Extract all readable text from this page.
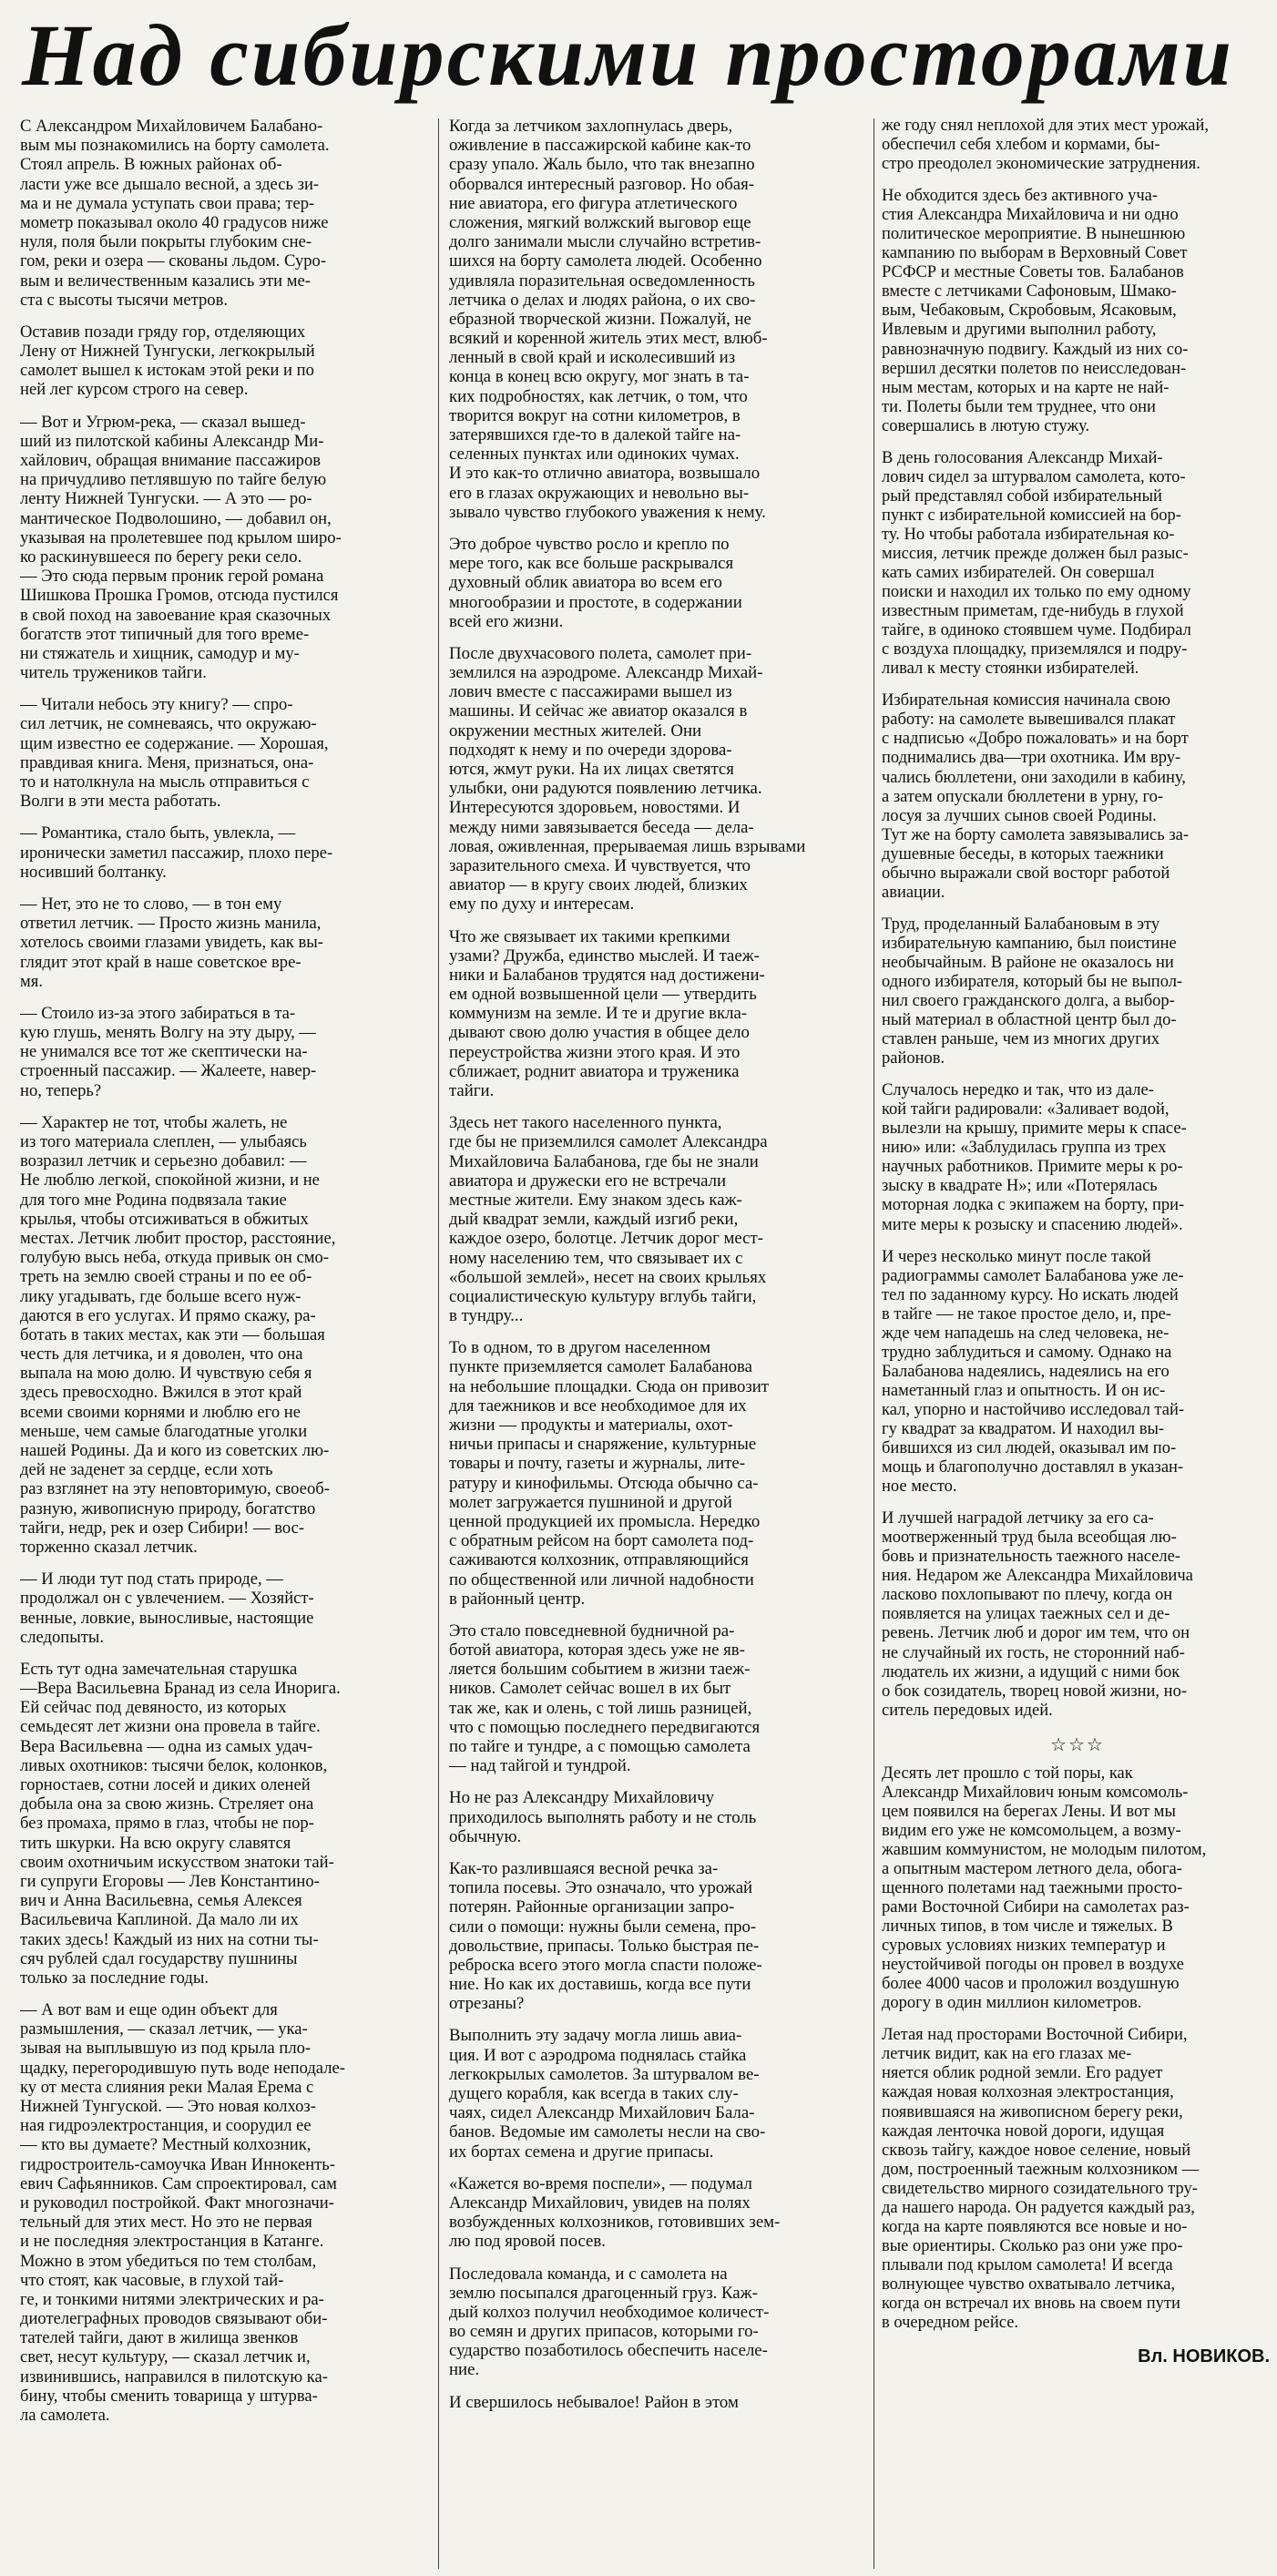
Над сибирскими просторами
С Александром Михайловичем Балабано-
вым мы познакомились на борту самолета.
Стоял апрель. В южных районах об-
ласти уже все дышало весной, а здесь зи-
ма и не думала уступать свои права; тер-
мометр показывал около 40 градусов ниже
нуля, поля были покрыты глубоким сне-
гом, реки и озера — скованы льдом. Суро-
вым и величественным казались эти ме-
ста с высоты тысячи метров.
Оставив позади гряду гор, отделяющих
Лену от Нижней Тунгуски, легкокрылый
самолет вышел к истокам этой реки и по
ней лег курсом строго на север.
— Вот и Угрюм-река, — сказал вышед-
ший из пилотской кабины Александр Ми-
хайлович, обращая внимание пассажиров
на причудливо петлявшую по тайге белую
ленту Нижней Тунгуски. — А это — ро-
мантическое Подволошино, — добавил он,
указывая на пролетевшее под крылом широ-
ко раскинувшееся по берегу реки село.
— Это сюда первым проник герой романа
Шишкова Прошка Громов, отсюда пустился
в свой поход на завоевание края сказочных
богатств этот типичный для того време-
ни стяжатель и хищник, самодур и му-
читель тружеников тайги.
— Читали небось эту книгу? — спро-
сил летчик, не сомневаясь, что окружаю-
щим известно ее содержание. — Хорошая,
правдивая книга. Меня, признаться, она-
то и натолкнула на мысль отправиться с
Волги в эти места работать.
— Романтика, стало быть, увлекла, —
иронически заметил пассажир, плохо пере-
носивший болтанку.
— Нет, это не то слово, — в тон ему
ответил летчик. — Просто жизнь манила,
хотелось своими глазами увидеть, как вы-
глядит этот край в наше советское вре-
мя.
— Стоило из-за этого забираться в та-
кую глушь, менять Волгу на эту дыру, —
не унимался все тот же скептически на-
строенный пассажир. — Жалеете, навер-
но, теперь?
— Характер не тот, чтобы жалеть, не
из того материала слеплен, — улыбаясь
возразил летчик и серьезно добавил: —
Не люблю легкой, спокойной жизни, и не
для того мне Родина подвязала такие
крылья, чтобы отсиживаться в обжитых
местах. Летчик любит простор, расстояние,
голубую высь неба, откуда привык он смо-
треть на землю своей страны и по ее об-
лику угадывать, где больше всего нуж-
даются в его услугах. И прямо скажу, ра-
ботать в таких местах, как эти — большая
честь для летчика, и я доволен, что она
выпала на мою долю. И чувствую себя я
здесь превосходно. Вжился в этот край
всеми своими корнями и люблю его не
меньше, чем самые благодатные уголки
нашей Родины. Да и кого из советских лю-
дей не заденет за сердце, если хоть
раз взглянет на эту неповторимую, своеоб-
разную, живописную природу, богатство
тайги, недр, рек и озер Сибири! — вос-
торженно сказал летчик.
— И люди тут под стать природе, —
продолжал он с увлечением. — Хозяйст-
венные, ловкие, выносливые, настоящие
следопыты.
Есть тут одна замечательная старушка
—Вера Васильевна Бранад из села Инорига.
Ей сейчас под девяносто, из которых
семьдесят лет жизни она провела в тайге.
Вера Васильевна — одна из самых удач-
ливых охотников: тысячи белок, колонков,
горностаев, сотни лосей и диких оленей
добыла она за свою жизнь. Стреляет она
без промаха, прямо в глаз, чтобы не пор-
тить шкурки. На всю округу славятся
своим охотничьим искусством знатоки тай-
ги супруги Егоровы — Лев Константино-
вич и Анна Васильевна, семья Алексея
Васильевича Каплиной. Да мало ли их
таких здесь! Каждый из них на сотни ты-
сяч рублей сдал государству пушнины
только за последние годы.
— А вот вам и еще один объект для
размышления, — сказал летчик, — ука-
зывая на выплывшую из под крыла пло-
щадку, перегородившую путь воде неподале-
ку от места слияния реки Малая Ерема с
Нижней Тунгуской. — Это новая колхоз-
ная гидроэлектростанция, и соорудил ее
— кто вы думаете? Местный колхозник,
гидростроитель-самоучка Иван Иннокенть-
евич Сафьянников. Сам спроектировал, сам
и руководил постройкой. Факт многозначи-
тельный для этих мест. Но это не первая
и не последняя электростанция в Катанге.
Можно в этом убедиться по тем столбам,
что стоят, как часовые, в глухой тай-
ге, и тонкими нитями электрических и ра-
диотелеграфных проводов связывают оби-
тателей тайги, дают в жилища звенков
свет, несут культуру, — сказал летчик и,
извинившись, направился в пилотскую ка-
бину, чтобы сменить товарища у штурва-
ла самолета.
Когда за летчиком захлопнулась дверь,
оживление в пассажирской кабине как-то
сразу упало. Жаль было, что так внезапно
оборвался интересный разговор. Но обая-
ние авиатора, его фигура атлетического
сложения, мягкий волжский выговор еще
долго занимали мысли случайно встретив-
шихся на борту самолета людей. Особенно
удивляла поразительная осведомленность
летчика о делах и людях района, о их сво-
ебразной творческой жизни. Пожалуй, не
всякий и коренной житель этих мест, влюб-
ленный в свой край и исколесивший из
конца в конец всю округу, мог знать в та-
ких подробностях, как летчик, о том, что
творится вокруг на сотни километров, в
затерявшихся где-то в далекой тайге на-
селенных пунктах или одиноких чумах.
И это как-то отлично авиатора, возвышало
его в глазах окружающих и невольно вы-
зывало чувство глубокого уважения к нему.
Это доброе чувство росло и крепло по
мере того, как все больше раскрывался
духовный облик авиатора во всем его
многообразии и простоте, в содержании
всей его жизни.
После двухчасового полета, самолет при-
землился на аэродроме. Александр Михай-
лович вместе с пассажирами вышел из
машины. И сейчас же авиатор оказался в
окружении местных жителей. Они
подходят к нему и по очереди здорова-
ются, жмут руки. На их лицах светятся
улыбки, они радуются появлению летчика.
Интересуются здоровьем, новостями. И
между ними завязывается беседа — дела-
ловая, оживленная, прерываемая лишь взрывами
заразительного смеха. И чувствуется, что
авиатор — в кругу своих людей, близких
ему по духу и интересам.
Что же связывает их такими крепкими
узами? Дружба, единство мыслей. И таеж-
ники и Балабанов трудятся над достижени-
ем одной возвышенной цели — утвердить
коммунизм на земле. И те и другие вкла-
дывают свою долю участия в общее дело
переустройства жизни этого края. И это
сближает, роднит авиатора и труженика
тайги.
Здесь нет такого населенного пункта,
где бы не приземлился самолет Александра
Михайловича Балабанова, где бы не знали
авиатора и дружески его не встречали
местные жители. Ему знаком здесь каж-
дый квадрат земли, каждый изгиб реки,
каждое озеро, болотце. Летчик дорог мест-
ному населению тем, что связывает их с
«большой землей», несет на своих крыльях
социалистическую культуру вглубь тайги,
в тундру...
То в одном, то в другом населенном
пункте приземляется самолет Балабанова
на небольшие площадки. Сюда он привозит
для таежников и все необходимое для их
жизни — продукты и материалы, охот-
ничьи припасы и снаряжение, культурные
товары и почту, газеты и журналы, лите-
ратуру и кинофильмы. Отсюда обычно са-
молет загружается пушниной и другой
ценной продукцией их промысла. Нередко
с обратным рейсом на борт самолета под-
саживаются колхозник, отправляющийся
по общественной или личной надобности
в районный центр.
Это стало повседневной будничной ра-
ботой авиатора, которая здесь уже не яв-
ляется большим событием в жизни таеж-
ников. Самолет сейчас вошел в их быт
так же, как и олень, с той лишь разницей,
что с помощью последнего передвигаются
по тайге и тундре, а с помощью самолета
— над тайгой и тундрой.
Но не раз Александру Михайловичу
приходилось выполнять работу и не столь
обычную.
Как-то разлившаяся весной речка за-
топила посевы. Это означало, что урожай
потерян. Районные организации запро-
сили о помощи: нужны были семена, про-
довольствие, припасы. Только быстрая пе-
реброска всего этого могла спасти положе-
ние. Но как их доставишь, когда все пути
отрезаны?
Выполнить эту задачу могла лишь авиа-
ция. И вот с аэродрома поднялась стайка
легкокрылых самолетов. За штурвалом ве-
дущего корабля, как всегда в таких слу-
чаях, сидел Александр Михайлович Бала-
банов. Ведомые им самолеты несли на сво-
их бортах семена и другие припасы.
«Кажется во-время поспели», — подумал
Александр Михайлович, увидев на полях
возбужденных колхозников, готовивших зем-
лю под яровой посев.
Последовала команда, и с самолета на
землю посыпался драгоценный груз. Каж-
дый колхоз получил необходимое количест-
во семян и других припасов, которыми го-
сударство позаботилось обеспечить населе-
ние.
И свершилось небывалое! Район в этом
же году снял неплохой для этих мест урожай,
обеспечил себя хлебом и кормами, бы-
стро преодолел экономические затруднения.
Не обходится здесь без активного уча-
стия Александра Михайловича и ни одно
политическое мероприятие. В нынешнюю
кампанию по выборам в Верховный Совет
РСФСР и местные Советы тов. Балабанов
вместе с летчиками Сафоновым, Шмако-
вым, Чебаковым, Скробовым, Ясаковым,
Ивлевым и другими выполнил работу,
равнозначную подвигу. Каждый из них со-
вершил десятки полетов по неисследован-
ным местам, которых и на карте не най-
ти. Полеты были тем труднее, что они
совершались в лютую стужу.
В день голосования Александр Михай-
лович сидел за штурвалом самолета, кото-
рый представлял собой избирательный
пункт с избирательной комиссией на бор-
ту. Но чтобы работала избирательная ко-
миссия, летчик прежде должен был разыс-
кать самих избирателей. Он совершал
поиски и находил их только по ему одному
известным приметам, где-нибудь в глухой
тайге, в одиноко стоявшем чуме. Подбирал
с воздуха площадку, приземлялся и подру-
ливал к месту стоянки избирателей.
Избирательная комиссия начинала свою
работу: на самолете вывешивался плакат
с надписью «Добро пожаловать» и на борт
поднимались два—три охотника. Им вру-
чались бюллетени, они заходили в кабину,
а затем опускали бюллетени в урну, го-
лосуя за лучших сынов своей Родины.
Тут же на борту самолета завязывались за-
душевные беседы, в которых таежники
обычно выражали свой восторг работой
авиации.
Труд, проделанный Балабановым в эту
избирательную кампанию, был поистине
необычайным. В районе не оказалось ни
одного избирателя, который бы не выпол-
нил своего гражданского долга, а выбор-
ный материал в областной центр был до-
ставлен раньше, чем из многих других
районов.
Случалось нередко и так, что из дале-
кой тайги радировали: «Заливает водой,
вылезли на крышу, примите меры к спасе-
нию» или: «Заблудилась группа из трех
научных работников. Примите меры к ро-
зыску в квадрате Н»; или «Потерялась
моторная лодка с экипажем на борту, при-
мите меры к розыску и спасению людей».
И через несколько минут после такой
радиограммы самолет Балабанова уже ле-
тел по заданному курсу. Но искать людей
в тайге — не такое простое дело, и, пре-
жде чем нападешь на след человека, не-
трудно заблудиться и самому. Однако на
Балабанова надеялись, надеялись на его
наметанный глаз и опытность. И он ис-
кал, упорно и настойчиво исследовал тай-
гу квадрат за квадратом. И находил вы-
бившихся из сил людей, оказывал им по-
мощь и благополучно доставлял в указан-
ное место.
И лучшей наградой летчику за его са-
моотверженный труд была всеобщая лю-
бовь и признательность таежного населе-
ния. Недаром же Александра Михайловича
ласково похлопывают по плечу, когда он
появляется на улицах таежных сел и де-
ревень. Летчик люб и дорог им тем, что он
не случайный их гость, не сторонний наб-
людатель их жизни, а идущий с ними бок
о бок созидатель, творец новой жизни, но-
ситель передовых идей.
☆☆☆
Десять лет прошло с той поры, как
Александр Михайлович юным комсомоль-
цем появился на берегах Лены. И вот мы
видим его уже не комсомольцем, а возму-
жавшим коммунистом, не молодым пилотом,
а опытным мастером летного дела, обога-
щенного полетами над таежными просто-
рами Восточной Сибири на самолетах раз-
личных типов, в том числе и тяжелых. В
суровых условиях низких температур и
неустойчивой погоды он провел в воздухе
более 4000 часов и проложил воздушную
дорогу в один миллион километров.
Летая над просторами Восточной Сибири,
летчик видит, как на его глазах ме-
няется облик родной земли. Его радует
каждая новая колхозная электростанция,
появившаяся на живописном берегу реки,
каждая ленточка новой дороги, идущая
сквозь тайгу, каждое новое селение, новый
дом, построенный таежным колхозником —
свидетельство мирного созидательного тру-
да нашего народа. Он радуется каждый раз,
когда на карте появляются все новые и но-
вые ориентиры. Сколько раз они уже про-
плывали под крылом самолета! И всегда
волнующее чувство охватывало летчика,
когда он встречал их вновь на своем пути
в очередном рейсе.
Вл. НОВИКОВ.
